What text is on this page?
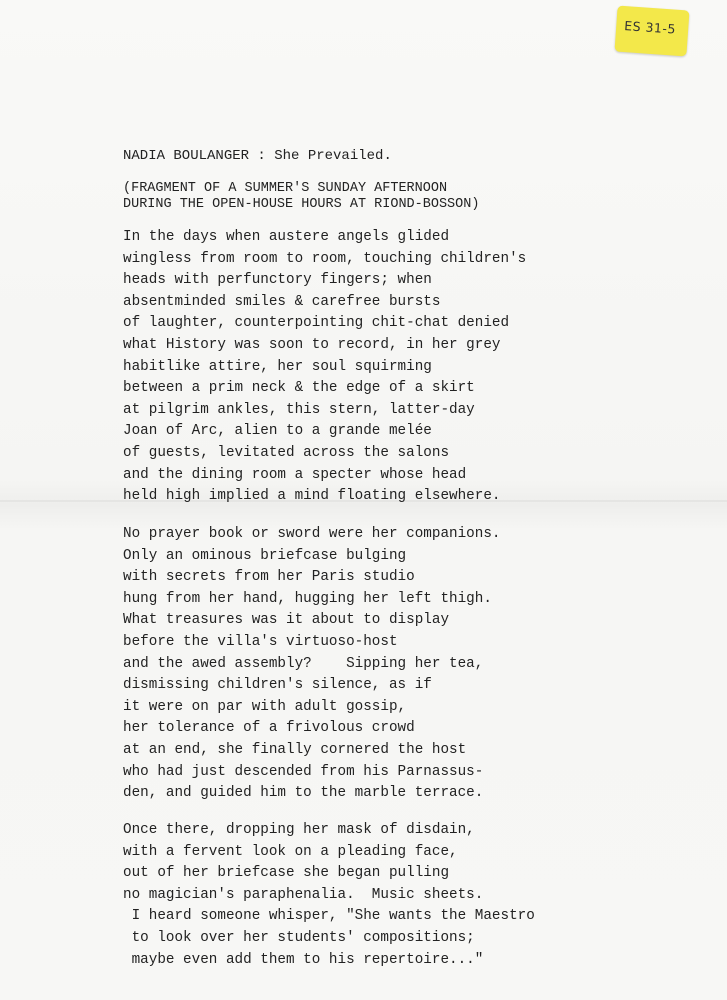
ES 31-5
NADIA BOULANGER : She Prevailed.
(FRAGMENT OF A SUMMER'S SUNDAY AFTERNOON
DURING THE OPEN-HOUSE HOURS AT RIOND-BOSSON)
In the days when austere angels glided
wingless from room to room, touching children's
heads with perfunctory fingers; when
absentminded smiles & carefree bursts
of laughter, counterpointing chit-chat denied
what History was soon to record, in her grey
habitlike attire, her soul squirming
between a prim neck & the edge of a skirt
at pilgrim ankles, this stern, latter-day
Joan of Arc, alien to a grande melée
of guests, levitated across the salons
and the dining room a specter whose head
held high implied a mind floating elsewhere.
No prayer book or sword were her companions.
Only an ominous briefcase bulging
with secrets from her Paris studio
hung from her hand, hugging her left thigh.
What treasures was it about to display
before the villa's virtuoso-host
and the awed assembly?    Sipping her tea,
dismissing children's silence, as if
it were on par with adult gossip,
her tolerance of a frivolous crowd
at an end, she finally cornered the host
who had just descended from his Parnassus-
den, and guided him to the marble terrace.
Once there, dropping her mask of disdain,
with a fervent look on a pleading face,
out of her briefcase she began pulling
no magician's paraphenalia.  Music sheets.
I heard someone whisper, "She wants the Maestro
to look over her students' compositions;
maybe even add them to his repertoire..."
